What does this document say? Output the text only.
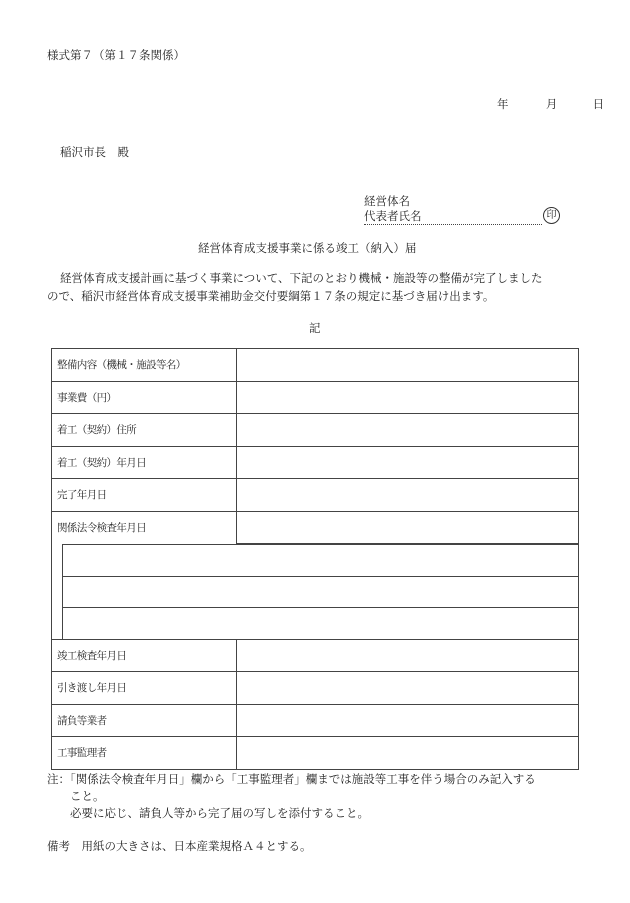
様式第７（第１７条関係）
年	月	日
稲沢市長　殿
経営体名
代表者氏名	印
経営体育成支援事業に係る竣工（納入）届
経営体育成支援計画に基づく事業について、下記のとおり機械・施設等の整備が完了しました
ので、稲沢市経営体育成支援事業補助金交付要綱第１７条の規定に基づき届け出ます。
記
整備内容（機械・施設等名）	
事業費（円）	
着工（契約）住所	
着工（契約）年月日	
完了年月日	
関係法令検査年月日	

竣工検査年月日	
引き渡し年月日	
請負等業者	
工事監理者	
注：「関係法令検査年月日」欄から「工事監理者」欄までは施設等工事を伴う場合のみ記入する
こと。
必要に応じ、請負人等から完了届の写しを添付すること。
備考　用紙の大きさは、日本産業規格Ａ４とする。
